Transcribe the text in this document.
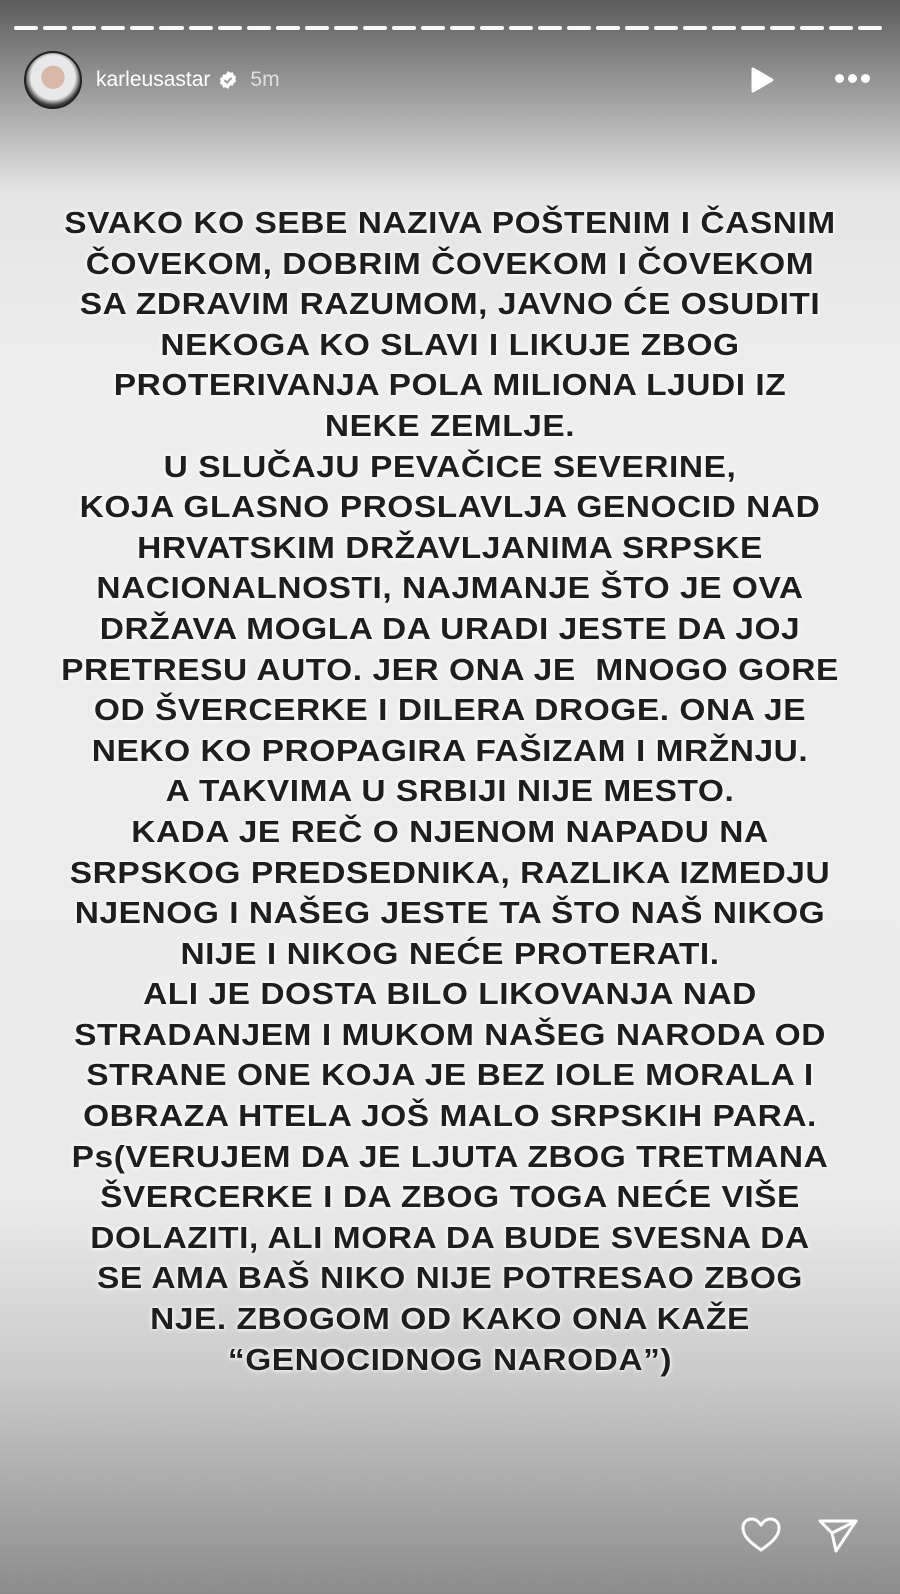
karleusastar 5m
SVAKO KO SEBE NAZIVA POŠTENIM I ČASNIM
ČOVEKOM, DOBRIM ČOVEKOM I ČOVEKOM
SA ZDRAVIM RAZUMOM, JAVNO ĆE OSUDITI
NEKOGA KO SLAVI I LIKUJE ZBOG
PROTERIVANJA POLA MILIONA LJUDI IZ
NEKE ZEMLJE.
U SLUČAJU PEVAČICE SEVERINE,
KOJA GLASNO PROSLAVLJA GENOCID NAD
HRVATSKIM DRŽAVLJANIMA SRPSKE
NACIONALNOSTI, NAJMANJE ŠTO JE OVA
DRŽAVA MOGLA DA URADI JESTE DA JOJ
PRETRESU AUTO. JER ONA JE  MNOGO GORE
OD ŠVERCERKE I DILERA DROGE. ONA JE
NEKO KO PROPAGIRA FAŠIZAM I MRŽNJU.
A TAKVIMA U SRBIJI NIJE MESTO.
KADA JE REČ O NJENOM NAPADU NA
SRPSKOG PREDSEDNIKA, RAZLIKA IZMEDJU
NJENOG I NAŠEG JESTE TA ŠTO NAŠ NIKOG
NIJE I NIKOG NEĆE PROTERATI.
ALI JE DOSTA BILO LIKOVANJA NAD
STRADANJEM I MUKOM NAŠEG NARODA OD
STRANE ONE KOJA JE BEZ IOLE MORALA I
OBRAZA HTELA JOŠ MALO SRPSKIH PARA.
Ps(VERUJEM DA JE LJUTA ZBOG TRETMANA
ŠVERCERKE I DA ZBOG TOGA NEĆE VIŠE
DOLAZITI, ALI MORA DA BUDE SVESNA DA
SE AMA BAŠ NIKO NIJE POTRESAO ZBOG
NJE. ZBOGOM OD KAKO ONA KAŽE
“GENOCIDNOG NARODA”)
